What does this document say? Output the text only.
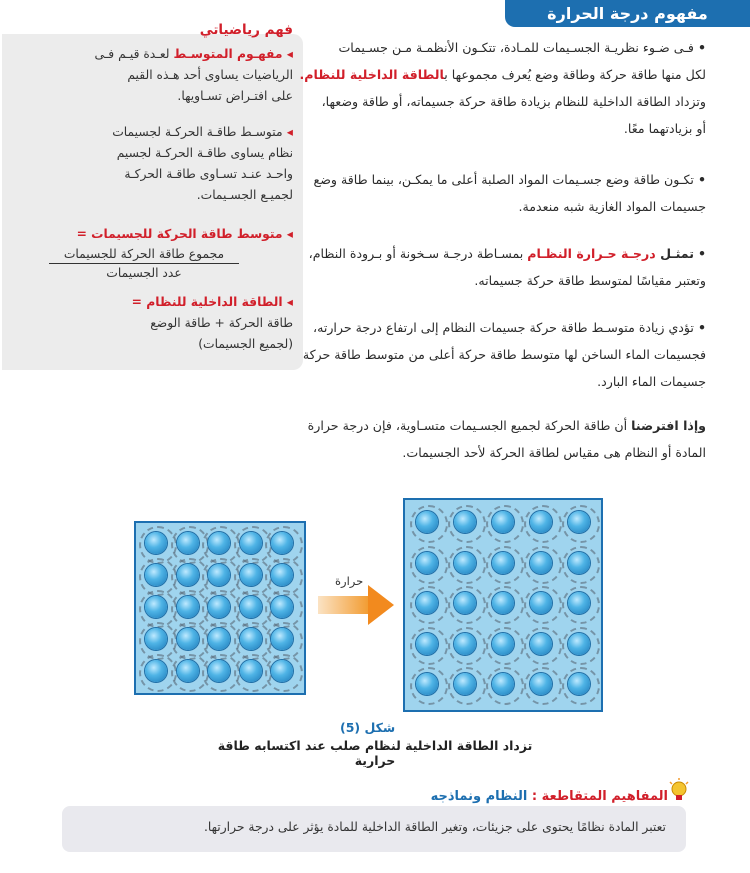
مفهوم درجة الحرارة
فهم رياضياتي
◂ مفهـوم المتوسـط لعـدة قيـم فـى
الرياضيات يساوى أحد هـذه القيم
على افتـراض تسـاويها.
◂ متوسـط طاقـة الحركـة لجسيمات
نظام يساوى طاقـة الحركـة لجسيم
واحـد عنـد تسـاوى طاقـة الحركـة
لجميـع الجسـيمات.
◂ متوسط طاقة الحركة للجسيمات =
مجموع طاقة الحركة للجسيمات
عدد الجسيمات
◂ الطاقة الداخلية للنظام =
طاقة الحركة + طاقة الوضع
(لجميع الجسيمات)
•فـى ضـوء نظريـة الجسـيمات للمـادة، تتكـون الأنظمـة مـن جسـيمات
لكل منها طاقة حركة وطاقة وضع يُعرف مجموعها بالطاقة الداخلية للنظام.
وتزداد الطاقة الداخلية للنظام بزيادة طاقة حركة جسيماته، أو طاقة وضعها،
أو بزيادتهما معًا.
•تكـون طاقة وضع جسـيمات المواد الصلبة أعلى ما يمكـن، بينما طاقة وضع
جسيمات المواد الغازية شبه منعدمة.
•تمثـل درجـة حـرارة النظـام بمسـاطة درجـة سـخونة أو بـرودة النظام،
وتعتبر مقياسًا لمتوسط طاقة حركة جسيماته.
•تؤدي زيادة متوسـط طاقة حركة جسيمات النظام إلى ارتفاع درجة حرارته،
فجسيمات الماء الساخن لها متوسط طاقة حركة أعلى من متوسط طاقة حركة
جسيمات الماء البارد.
وإذا افترضنا أن طاقة الحركة لجميع الجسـيمات متسـاوية، فإن درجة حرارة
المادة أو النظام هى مقياس لطاقة الحركة لأحد الجسيمات.
حرارة
شكل (5)
تزداد الطاقة الداخلية لنظام صلب عند اكتسابه طاقة حرارية
المفاهيم المتقاطعة : النظام ونماذجه
تعتبر المادة نظامًا يحتوى على جزيئات، وتغير الطاقة الداخلية للمادة يؤثر على درجة حرارتها.
